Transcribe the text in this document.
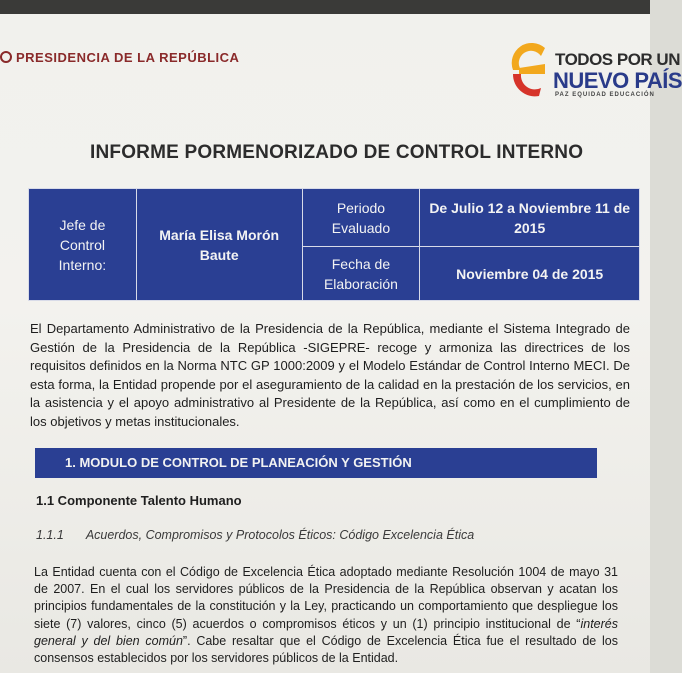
PRESIDENCIA DE LA REPÚBLICA	TODOS POR UN
NUEVO PAÍS
PAZ EQUIDAD EDUCACIÓN
INFORME PORMENORIZADO DE CONTROL INTERNO
Jefe de Control Interno:	María Elisa Morón Baute	Periodo Evaluado	De Julio 12 a Noviembre 11 de 2015
		Fecha de Elaboración	Noviembre 04 de 2015
El Departamento Administrativo de la Presidencia de la República, mediante el Sistema Integrado de Gestión de la Presidencia de la República -SIGEPRE- recoge y armoniza las directrices de los requisitos definidos en la Norma NTC GP 1000:2009 y el Modelo Estándar de Control Interno MECI. De esta forma, la Entidad propende por el aseguramiento de la calidad en la prestación de los servicios, en la asistencia y el apoyo administrativo al Presidente de la República, así como en el cumplimiento de los objetivos y metas institucionales.
1. MODULO DE CONTROL DE PLANEACIÓN Y GESTIÓN
1.1 Componente Talento Humano
1.1.1 Acuerdos, Compromisos y Protocolos Éticos: Código Excelencia Ética
La Entidad cuenta con el Código de Excelencia Ética adoptado mediante Resolución 1004 de mayo 31 de 2007. En el cual los servidores públicos de la Presidencia de la República observan y acatan los principios fundamentales de la constitución y la Ley, practicando un comportamiento que despliegue los siete (7) valores, cinco (5) acuerdos o compromisos éticos y un (1) principio institucional de “interés general y del bien común”. Cabe resaltar que el Código de Excelencia Ética fue el resultado de los consensos establecidos por los servidores públicos de la Entidad.
